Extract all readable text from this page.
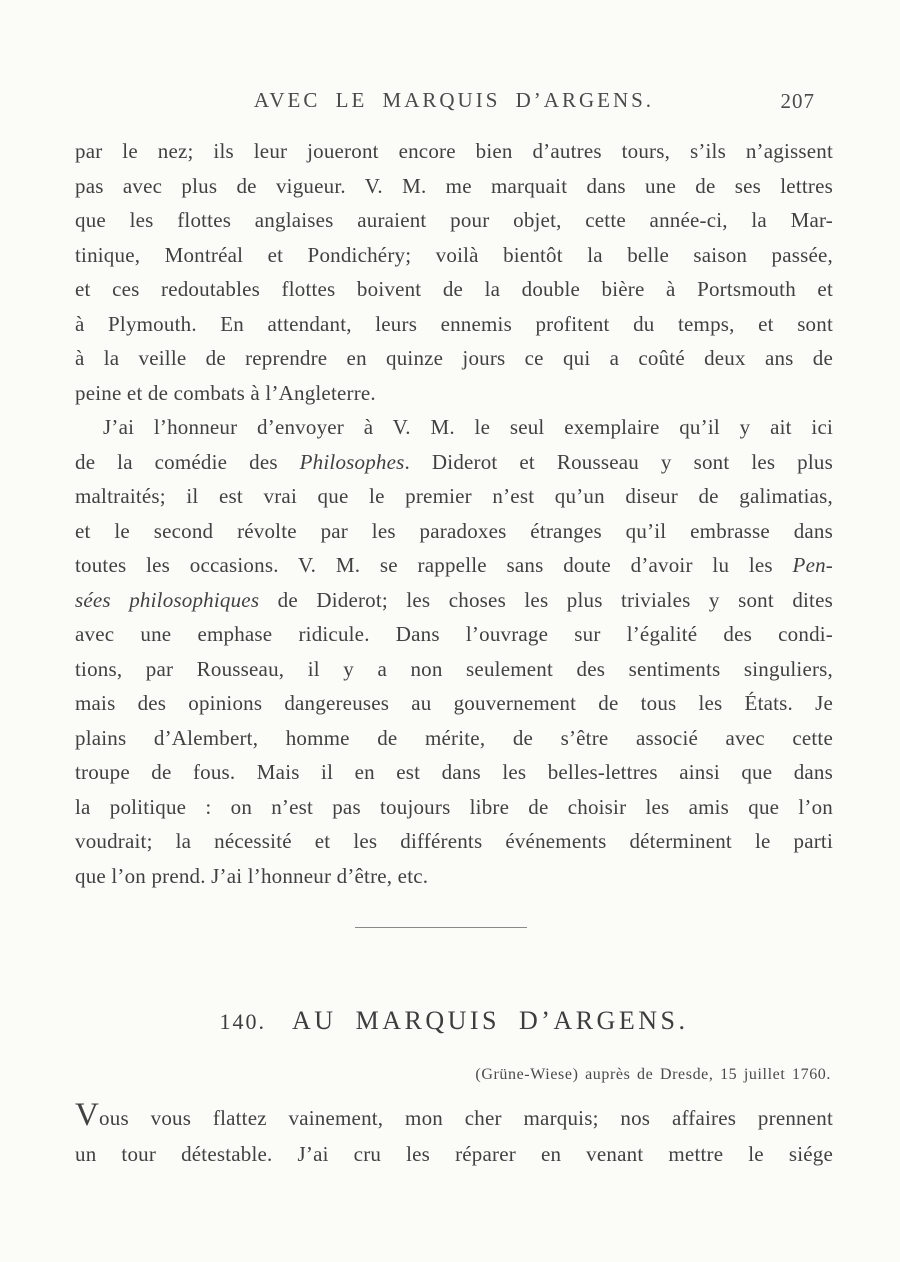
AVEC LE MARQUIS D’ARGENS.	207
par le nez; ils leur joueront encore bien d’autres tours, s’ils n’agissent
pas avec plus de vigueur. V. M. me marquait dans une de ses lettres
que les flottes anglaises auraient pour objet, cette année-ci, la Mar-
tinique, Montréal et Pondichéry; voilà bientôt la belle saison passée,
et ces redoutables flottes boivent de la double bière à Portsmouth et
à Plymouth. En attendant, leurs ennemis profitent du temps, et sont
à la veille de reprendre en quinze jours ce qui a coûté deux ans de
peine et de combats à l’Angleterre.
J’ai l’honneur d’envoyer à V. M. le seul exemplaire qu’il y ait ici
de la comédie des Philosophes. Diderot et Rousseau y sont les plus
maltraités; il est vrai que le premier n’est qu’un diseur de galimatias,
et le second révolte par les paradoxes étranges qu’il embrasse dans
toutes les occasions. V. M. se rappelle sans doute d’avoir lu les Pen-
sées philosophiques de Diderot; les choses les plus triviales y sont dites
avec une emphase ridicule. Dans l’ouvrage sur l’égalité des condi-
tions, par Rousseau, il y a non seulement des sentiments singuliers,
mais des opinions dangereuses au gouvernement de tous les États. Je
plains d’Alembert, homme de mérite, de s’être associé avec cette
troupe de fous. Mais il en est dans les belles-lettres ainsi que dans
la politique : on n’est pas toujours libre de choisir les amis que l’on
voudrait; la nécessité et les différents événements déterminent le parti
que l’on prend. J’ai l’honneur d’être, etc.
140. AU MARQUIS D’ARGENS.
(Grüne-Wiese) auprès de Dresde, 15 juillet 1760.
Vous vous flattez vainement, mon cher marquis; nos affaires prennent
un tour détestable. J’ai cru les réparer en venant mettre le siége
